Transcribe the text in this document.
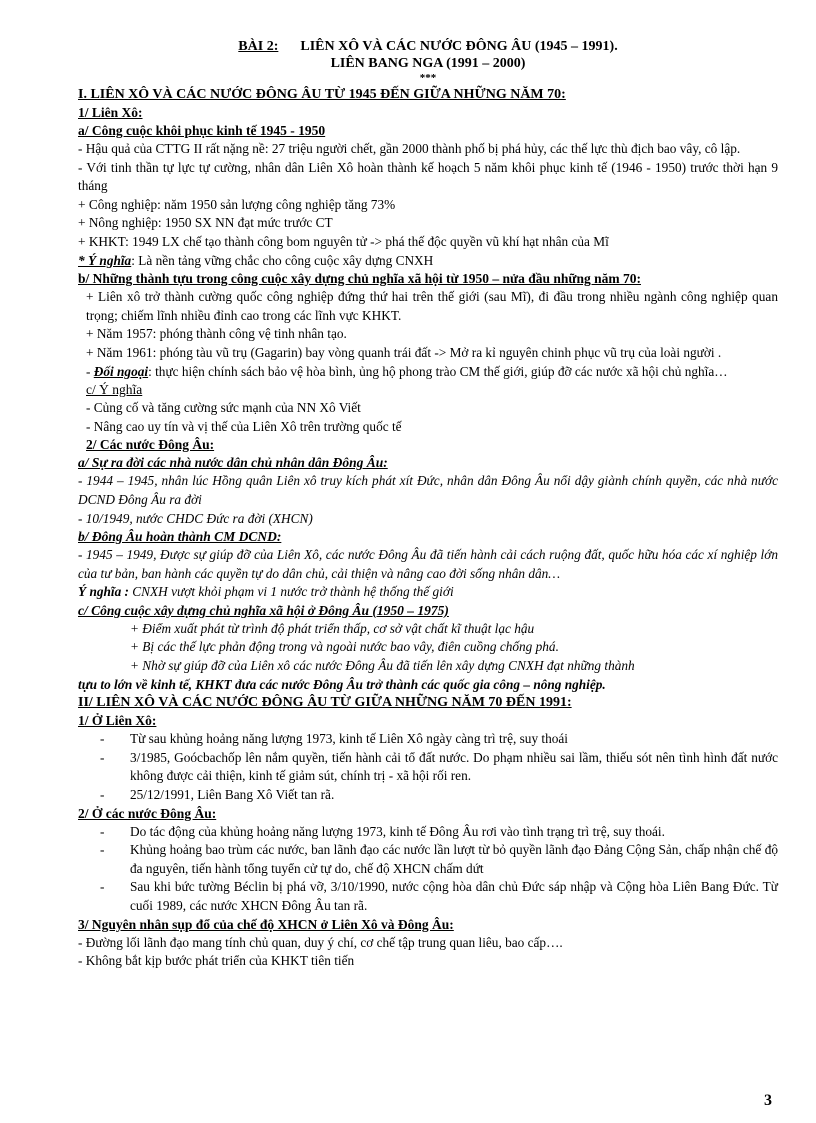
BÀI 2: LIÊN XÔ VÀ CÁC NƯỚC ĐÔNG ÂU (1945 – 1991).
LIÊN BANG NGA (1991 – 2000)
***
I. LIÊN XÔ VÀ CÁC NƯỚC ĐÔNG ÂU TỪ 1945 ĐẾN GIỮA NHỮNG NĂM 70:
1/ Liên Xô:
a/ Công cuộc khôi phục kinh tế 1945 - 1950

- Hậu quả của CTTG II rất nặng nề: 27 triệu người chết, gần 2000 thành phố bị phá hủy, các thế lực thù địch bao vây, cô lập.

- Với tinh thần tự lực tự cường, nhân dân Liên Xô hoàn thành kế hoạch 5 năm khôi phục kinh tế (1946 - 1950) trước thời hạn 9 tháng

+ Công nghiệp: năm 1950 sản lượng công nghiệp tăng 73%

+ Nông nghiệp: 1950 SX NN đạt mức trước CT

+ KHKT: 1949 LX chế tạo thành công bom nguyên tử -> phá thế độc quyền vũ khí hạt nhân của Mĩ

* Ý nghĩa: Là nền tảng vững chắc cho công cuộc xây dựng CNXH

b/ Những thành tựu trong công cuộc xây dựng chủ nghĩa xã hội từ 1950 – nửa đầu những năm 70:

+ Liên xô trở thành cường quốc công nghiệp đứng thứ hai trên thế giới (sau Mĩ), đi đầu trong nhiều ngành công nghiệp quan trọng; chiếm lĩnh nhiều đỉnh cao trong các lĩnh vực KHKT.

+ Năm 1957: phóng thành công vệ tinh nhân tạo.

+ Năm 1961: phóng tàu vũ trụ (Gagarin) bay vòng quanh trái đất -> Mở ra kỉ nguyên chinh phục vũ trụ của loài người .

- Đối ngoại: thực hiện chính sách bảo vệ hòa bình, ủng hộ phong trào CM thế giới, giúp đỡ các nước xã hội chủ nghĩa…

c/ Ý nghĩa

- Củng cố và tăng cường sức mạnh của NN Xô Viết

- Nâng cao uy tín và vị thế của Liên Xô trên trường quốc tế

2/ Các nước Đông Âu:
a/ Sự ra đời các nhà nước dân chủ nhân dân Đông Âu:

- 1944 – 1945, nhân lúc Hồng quân Liên xô truy kích phát xít Đức, nhân dân Đông Âu nổi dậy giành chính quyền, các nhà nước DCND Đông Âu ra đời

- 10/1949, nước CHDC Đức ra đời (XHCN)

b/ Đông Âu hoàn thành CM DCND:

- 1945 – 1949, Được sự giúp đỡ của Liên Xô, các nước Đông Âu đã tiến hành cải cách ruộng đất, quốc hữu hóa các xí nghiệp lớn của tư bản, ban hành các quyền tự do dân chủ, cải thiện và nâng cao đời sống nhân dân…

Ý nghĩa : CNXH vượt khỏi phạm vi 1 nước trở thành hệ thống thế giới

c/ Công cuộc xây dựng chủ nghĩa xã hội ở Đông Âu (1950 – 1975)

+ Điểm xuất phát từ trình độ phát triển thấp, cơ sở vật chất kĩ thuật lạc hậu

+ Bị các thế lực phản động trong và ngoài nước bao vây, điên cuồng chống phá.

+ Nhờ sự giúp đỡ của Liên xô các nước Đông Âu đã tiến lên xây dựng CNXH đạt những thành

tựu to lớn về kinh tế, KHKT đưa các nước Đông Âu trở thành các quốc gia công – nông nghiệp.

II/ LIÊN XÔ VÀ CÁC NƯỚC ĐÔNG ÂU TỪ GIỮA NHỮNG NĂM 70 ĐẾN 1991:
1/ Ở Liên Xô:
-	Từ sau khủng hoảng năng lượng 1973, kinh tế Liên Xô ngày càng trì trệ, suy thoái
-	3/1985, Goócbachốp lên nắm quyền, tiến hành cải tổ đất nước. Do phạm nhiều sai lầm, thiếu sót nên tình hình đất nước không được cải thiện, kinh tế giảm sút, chính trị - xã hội rối ren.
-	25/12/1991, Liên Bang Xô Viết tan rã.
2/ Ở các nước Đông Âu:
-	Do tác động của khủng hoảng năng lượng 1973, kinh tế Đông Âu rơi vào tình trạng trì trệ, suy thoái.
-	Khủng hoảng bao trùm các nước, ban lãnh đạo các nước lần lượt từ bỏ quyền lãnh đạo Đảng Cộng Sản, chấp nhận chế độ đa nguyên, tiến hành tổng tuyển cử tự do, chế độ XHCN chấm dứt
-	Sau khi bức tường Béclin bị phá vỡ, 3/10/1990, nước cộng hòa dân chủ Đức sáp nhập và Cộng hòa Liên Bang Đức. Từ cuối 1989, các nước XHCN Đông Âu tan rã.
3/ Nguyên nhân sụp đổ của chế độ XHCN ở Liên Xô và Đông Âu:

- Đường lối lãnh đạo mang tính chủ quan, duy ý chí, cơ chế tập trung quan liêu, bao cấp….

- Không bắt kịp bước phát triển của KHKT tiên tiến

3
